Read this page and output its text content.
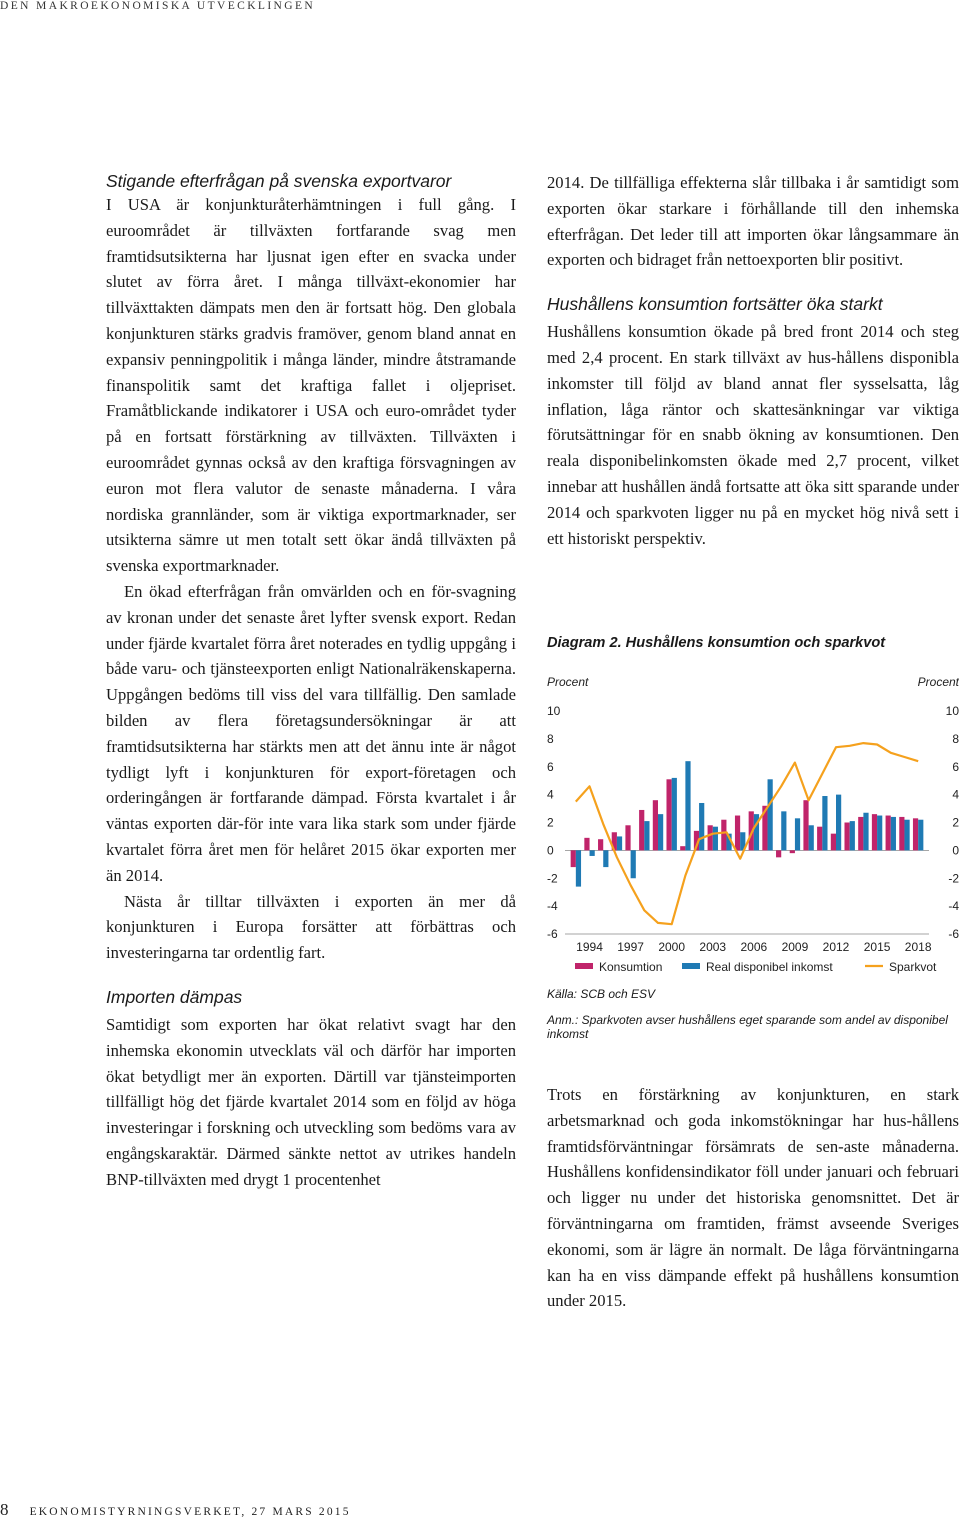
DEN MAKROEKONOMISKA UTVECKLINGEN
Stigande efterfrågan på svenska exportvaror

I USA är konjunkturåterhämtningen i full gång. I euroområdet är tillväxten fortfarande svag men framtidsutsikterna har ljusnat igen efter en svacka under slutet av förra året. I många tillväxt-ekonomier har tillväxttakten dämpats men den är fortsatt hög. Den globala konjunkturen stärks gradvis framöver, genom bland annat en expansiv penningpolitik i många länder, mindre åtstramande finanspolitik samt det kraftiga fallet i oljepriset. Framåtblickande indikatorer i USA och euro-området tyder på en fortsatt förstärkning av tillväxten. Tillväxten i euroområdet gynnas också av den kraftiga försvagningen av euron mot flera valutor de senaste månaderna. I våra nordiska grannländer, som är viktiga exportmarknader, ser utsikterna sämre ut men totalt sett ökar ändå tillväxten på svenska exportmarknader.

En ökad efterfrågan från omvärlden och en för-svagning av kronan under det senaste året lyfter svensk export. Redan under fjärde kvartalet förra året noterades en tydlig uppgång i både varu- och tjänsteexporten enligt Nationalräkenskaperna. Uppgången bedöms till viss del vara tillfällig. Den samlade bilden av flera företagsundersökningar är att framtidsutsikterna har stärkts men att det ännu inte är något tydligt lyft i konjunkturen för export-företagen och orderingången är fortfarande dämpad. Första kvartalet i år väntas exporten där-för inte vara lika stark som under fjärde kvartalet förra året men för helåret 2015 ökar exporten mer än 2014.

Nästa år tilltar tillväxten i exporten än mer då konjunkturen i Europa forsätter att förbättras och investeringarna tar ordentlig fart.

Importen dämpas

Samtidigt som exporten har ökat relativt svagt har den inhemska ekonomin utvecklats väl och därför har importen ökat betydligt mer än exporten. Därtill var tjänsteimporten tillfälligt hög det fjärde kvartalet 2014 som en följd av höga investeringar i forskning och utveckling som bedöms vara av engångskaraktär. Därmed sänkte nettot av utrikes handeln BNP-tillväxten med drygt 1 procentenhet

2014. De tillfälliga effekterna slår tillbaka i år samtidigt som exporten ökar starkare i förhållande till den inhemska efterfrågan. Det leder till att importen ökar långsammare än exporten och bidraget från nettoexporten blir positivt.

Hushållens konsumtion fortsätter öka starkt

Hushållens konsumtion ökade på bred front 2014 och steg med 2,4 procent. En stark tillväxt av hus-hållens disponibla inkomster till följd av bland annat fler sysselsatta, låg inflation, låga räntor och skattesänkningar var viktiga förutsättningar för en snabb ökning av konsumtionen. Den reala disponibelinkomsten ökade med 2,7 procent, vilket innebar att hushållen ändå fortsatte att öka sitt sparande under 2014 och sparkvoten ligger nu på en mycket hög nivå sett i ett historiskt perspektiv.

Diagram 2. Hushållens konsumtion och sparkvot
Procent	Procent
10	10
8	8
6	6
4	4
2	2
0	0
-2	-2
-4	-4
-6	-6
1994 1997 2000 2003 2006 2009 2012 2015 2018
Konsumtion	Real disponibel inkomst	Sparkvot
Källa: SCB och ESV
Anm.: Sparkvoten avser hushållens eget sparande som andel av disponibel inkomst

Trots en förstärkning av konjunkturen, en stark arbetsmarknad och goda inkomstökningar har hus-hållens framtidsförväntningar försämrats de sen-aste månaderna. Hushållens konfidensindikator föll under januari och februari och ligger nu under det historiska genomsnittet. Det är förväntningarna om framtiden, främst avseende Sveriges ekonomi, som är lägre än normalt. De låga förväntningarna kan ha en viss dämpande effekt på hushållens konsumtion under 2015.

8 EKONOMISTYRNINGSVERKET, 27 MARS 2015
